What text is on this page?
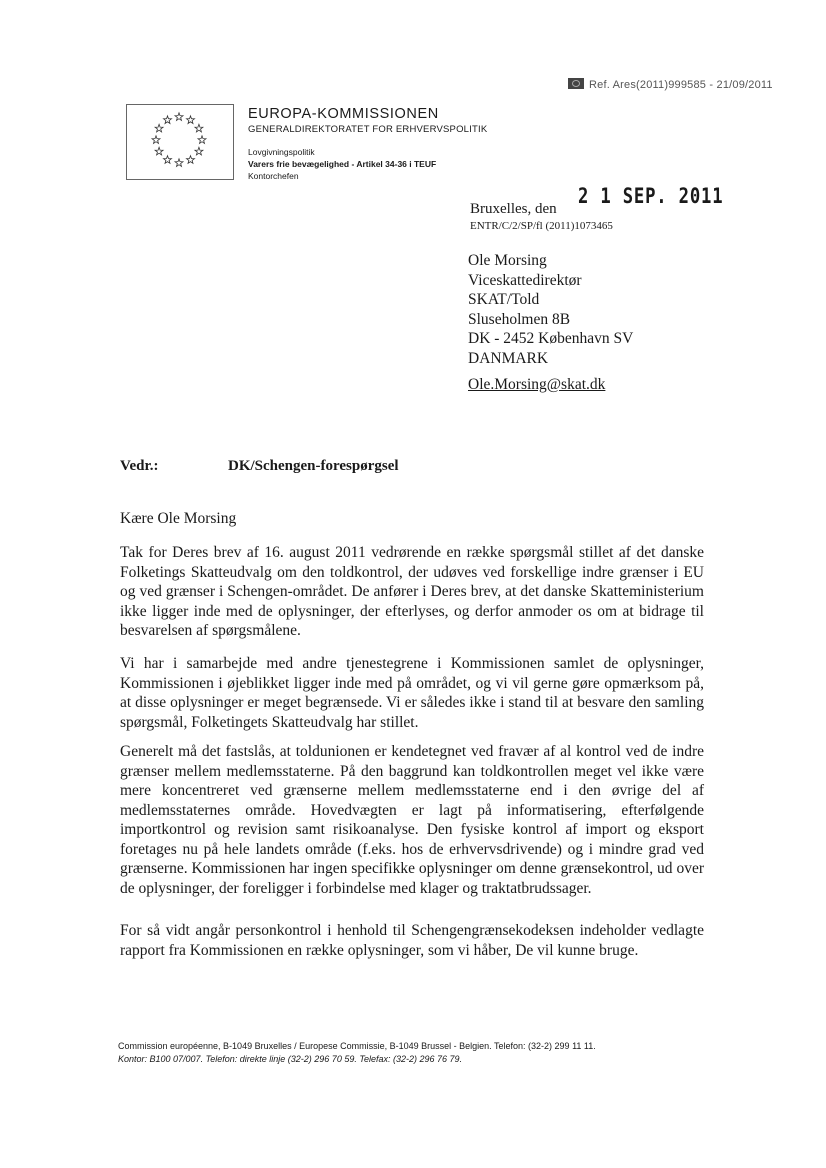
Ref. Ares(2011)999585 - 21/09/2011
EUROPA-KOMMISSIONEN
GENERALDIREKTORATET FOR ERHVERVSPOLITIK
Lovgivningspolitik
Varers frie bevægelighed - Artikel 34-36 i TEUF
Kontorchefen
Bruxelles, den
2 1 SEP. 2011
ENTR/C/2/SP/fl (2011)1073465
Ole Morsing
Viceskattedirektør
SKAT/Told
Sluseholmen 8B
DK - 2452 København SV
DANMARK
Ole.Morsing@skat.dk
Vedr.:	DK/Schengen-forespørgsel
Kære Ole Morsing
Tak for Deres brev af 16. august 2011 vedrørende en række spørgsmål stillet af det danske Folketings Skatteudvalg om den toldkontrol, der udøves ved forskellige indre grænser i EU og ved grænser i Schengen-området. De anfører i Deres brev, at det danske Skatteministerium ikke ligger inde med de oplysninger, der efterlyses, og derfor anmoder os om at bidrage til besvarelsen af spørgsmålene.
Vi har i samarbejde med andre tjenestegrene i Kommissionen samlet de oplysninger, Kommissionen i øjeblikket ligger inde med på området, og vi vil gerne gøre opmærksom på, at disse oplysninger er meget begrænsede. Vi er således ikke i stand til at besvare den samling spørgsmål, Folketingets Skatteudvalg har stillet.
Generelt må det fastslås, at toldunionen er kendetegnet ved fravær af al kontrol ved de indre grænser mellem medlemsstaterne. På den baggrund kan toldkontrollen meget vel ikke være mere koncentreret ved grænserne mellem medlemsstaterne end i den øvrige del af medlemsstaternes område. Hovedvægten er lagt på informatisering, efterfølgende importkontrol og revision samt risikoanalyse. Den fysiske kontrol af import og eksport foretages nu på hele landets område (f.eks. hos de erhvervsdrivende) og i mindre grad ved grænserne. Kommissionen har ingen specifikke oplysninger om denne grænsekontrol, ud over de oplysninger, der foreligger i forbindelse med klager og traktatbrudssager.
For så vidt angår personkontrol i henhold til Schengengrænsekodeksen indeholder vedlagte rapport fra Kommissionen en række oplysninger, som vi håber, De vil kunne bruge.
Commission européenne, B-1049 Bruxelles / Europese Commissie, B-1049 Brussel - Belgien. Telefon: (32-2) 299 11 11.
Kontor: B100 07/007. Telefon: direkte linje (32-2) 296 70 59. Telefax: (32-2) 296 76 79.
